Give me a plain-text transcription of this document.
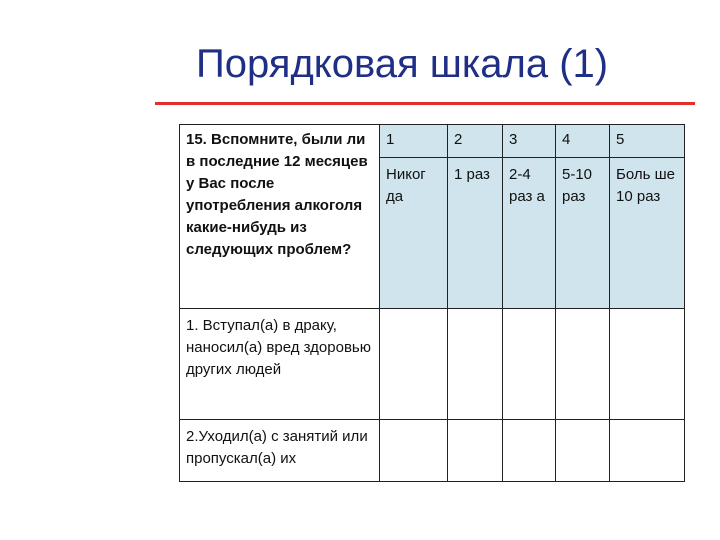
Порядковая шкала (1)
15. Вспомните, были ли в последние 12 месяцев у Вас после употребления алкоголя какие-нибудь из следующих проблем?	1	2	3	4	5
	Никог да	1 раз	2-4 раз а	5-10 раз	Боль ше 10 раз
1. Вступал(а) в драку, наносил(а) вред здоровью других людей					
2.Уходил(а) с занятий или пропускал(а) их					
